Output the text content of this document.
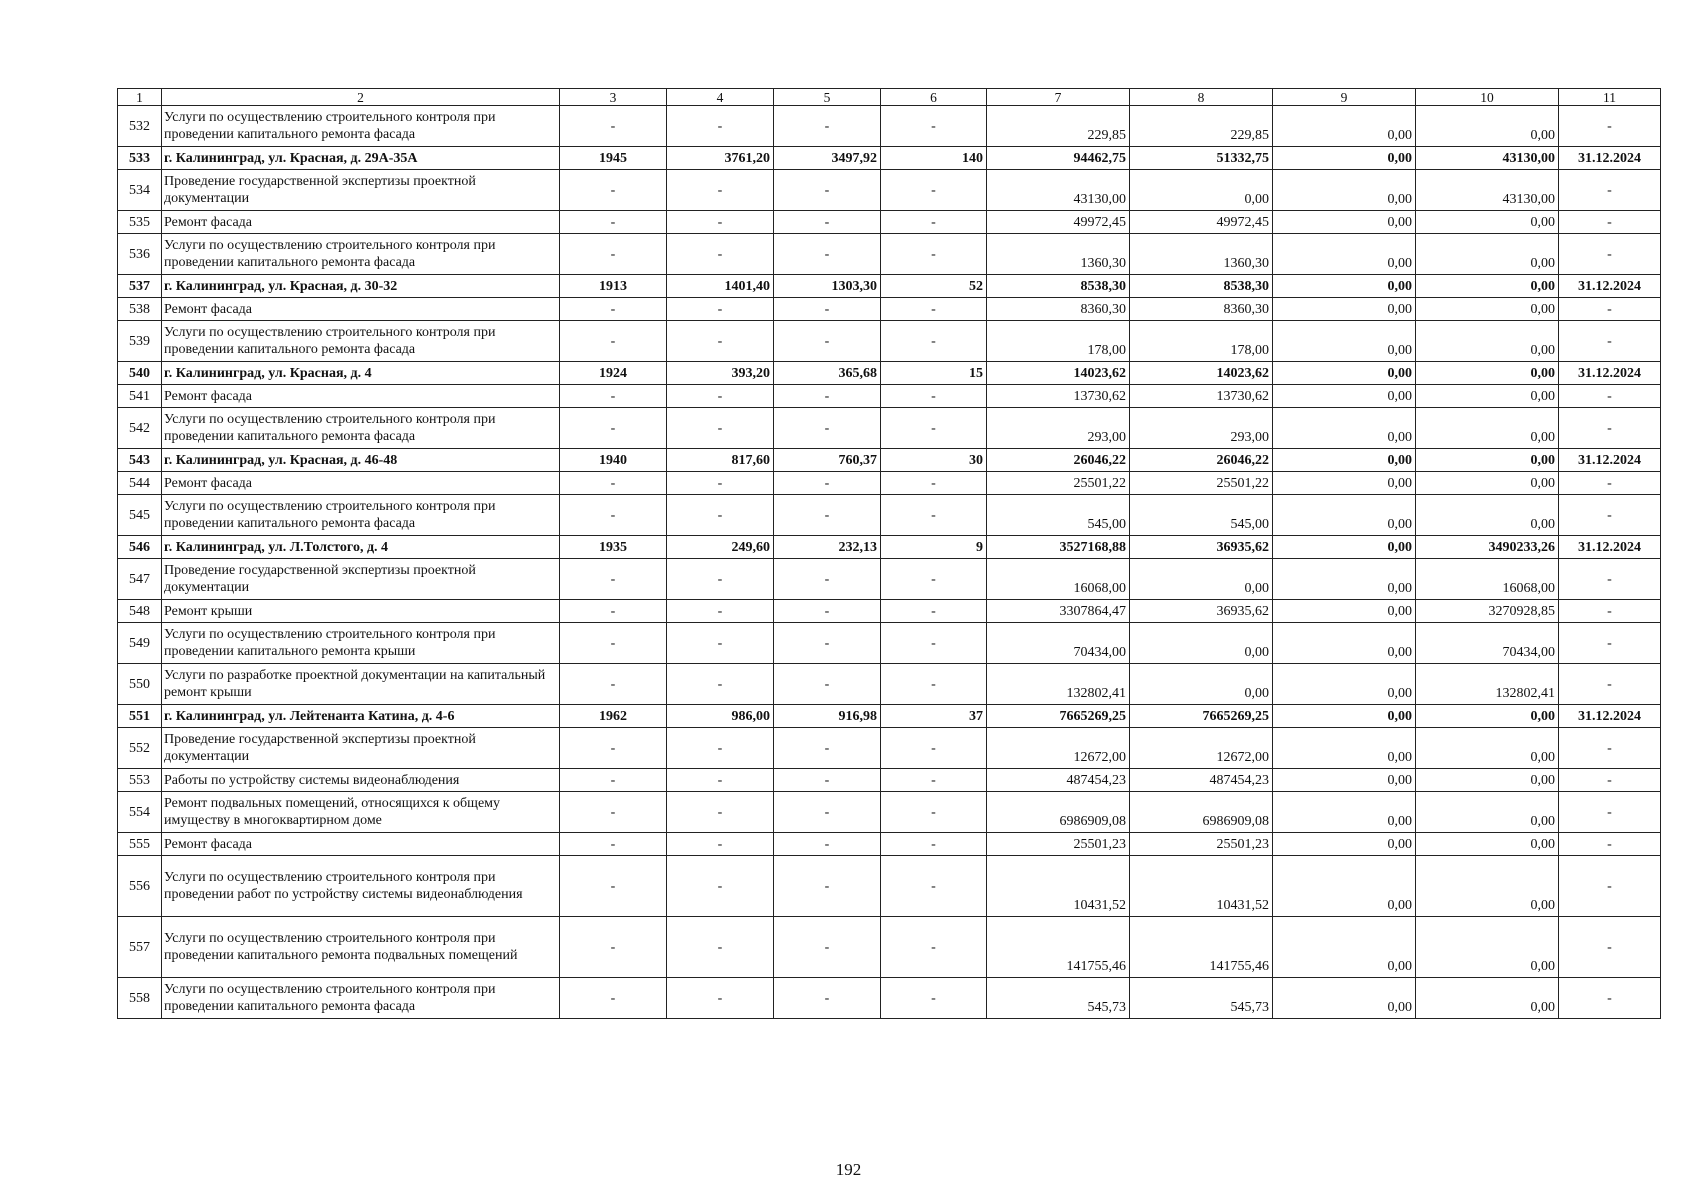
1	2	3	4	5	6	7	8	9	10	11
532	Услуги по осуществлению строительного контроля при проведении капитального ремонта фасада	-	-	-	-	229,85	229,85	0,00	0,00	-
533	г. Калининград, ул. Красная, д. 29А-35А	1945	3761,20	3497,92	140	94462,75	51332,75	0,00	43130,00	31.12.2024
534	Проведение государственной экспертизы проектной документации	-	-	-	-	43130,00	0,00	0,00	43130,00	-
535	Ремонт фасада	-	-	-	-	49972,45	49972,45	0,00	0,00	-
536	Услуги по осуществлению строительного контроля при проведении капитального ремонта фасада	-	-	-	-	1360,30	1360,30	0,00	0,00	-
537	г. Калининград, ул. Красная, д. 30-32	1913	1401,40	1303,30	52	8538,30	8538,30	0,00	0,00	31.12.2024
538	Ремонт фасада	-	-	-	-	8360,30	8360,30	0,00	0,00	-
539	Услуги по осуществлению строительного контроля при проведении капитального ремонта фасада	-	-	-	-	178,00	178,00	0,00	0,00	-
540	г. Калининград, ул. Красная, д. 4	1924	393,20	365,68	15	14023,62	14023,62	0,00	0,00	31.12.2024
541	Ремонт фасада	-	-	-	-	13730,62	13730,62	0,00	0,00	-
542	Услуги по осуществлению строительного контроля при проведении капитального ремонта фасада	-	-	-	-	293,00	293,00	0,00	0,00	-
543	г. Калининград, ул. Красная, д. 46-48	1940	817,60	760,37	30	26046,22	26046,22	0,00	0,00	31.12.2024
544	Ремонт фасада	-	-	-	-	25501,22	25501,22	0,00	0,00	-
545	Услуги по осуществлению строительного контроля при проведении капитального ремонта фасада	-	-	-	-	545,00	545,00	0,00	0,00	-
546	г. Калининград, ул. Л.Толстого, д. 4	1935	249,60	232,13	9	3527168,88	36935,62	0,00	3490233,26	31.12.2024
547	Проведение государственной экспертизы проектной документации	-	-	-	-	16068,00	0,00	0,00	16068,00	-
548	Ремонт крыши	-	-	-	-	3307864,47	36935,62	0,00	3270928,85	-
549	Услуги по осуществлению строительного контроля при проведении капитального ремонта крыши	-	-	-	-	70434,00	0,00	0,00	70434,00	-
550	Услуги по разработке проектной документации на капитальный ремонт крыши	-	-	-	-	132802,41	0,00	0,00	132802,41	-
551	г. Калининград, ул. Лейтенанта Катина, д. 4-6	1962	986,00	916,98	37	7665269,25	7665269,25	0,00	0,00	31.12.2024
552	Проведение государственной экспертизы проектной документации	-	-	-	-	12672,00	12672,00	0,00	0,00	-
553	Работы по устройству системы видеонаблюдения	-	-	-	-	487454,23	487454,23	0,00	0,00	-
554	Ремонт подвальных помещений, относящихся к общему имуществу в многоквартирном доме	-	-	-	-	6986909,08	6986909,08	0,00	0,00	-
555	Ремонт фасада	-	-	-	-	25501,23	25501,23	0,00	0,00	-
556	Услуги по осуществлению строительного контроля при проведении работ по устройству системы видеонаблюдения	-	-	-	-	10431,52	10431,52	0,00	0,00	-
557	Услуги по осуществлению строительного контроля при проведении капитального ремонта подвальных помещений	-	-	-	-	141755,46	141755,46	0,00	0,00	-
558	Услуги по осуществлению строительного контроля при проведении капитального ремонта фасада	-	-	-	-	545,73	545,73	0,00	0,00	-
192
